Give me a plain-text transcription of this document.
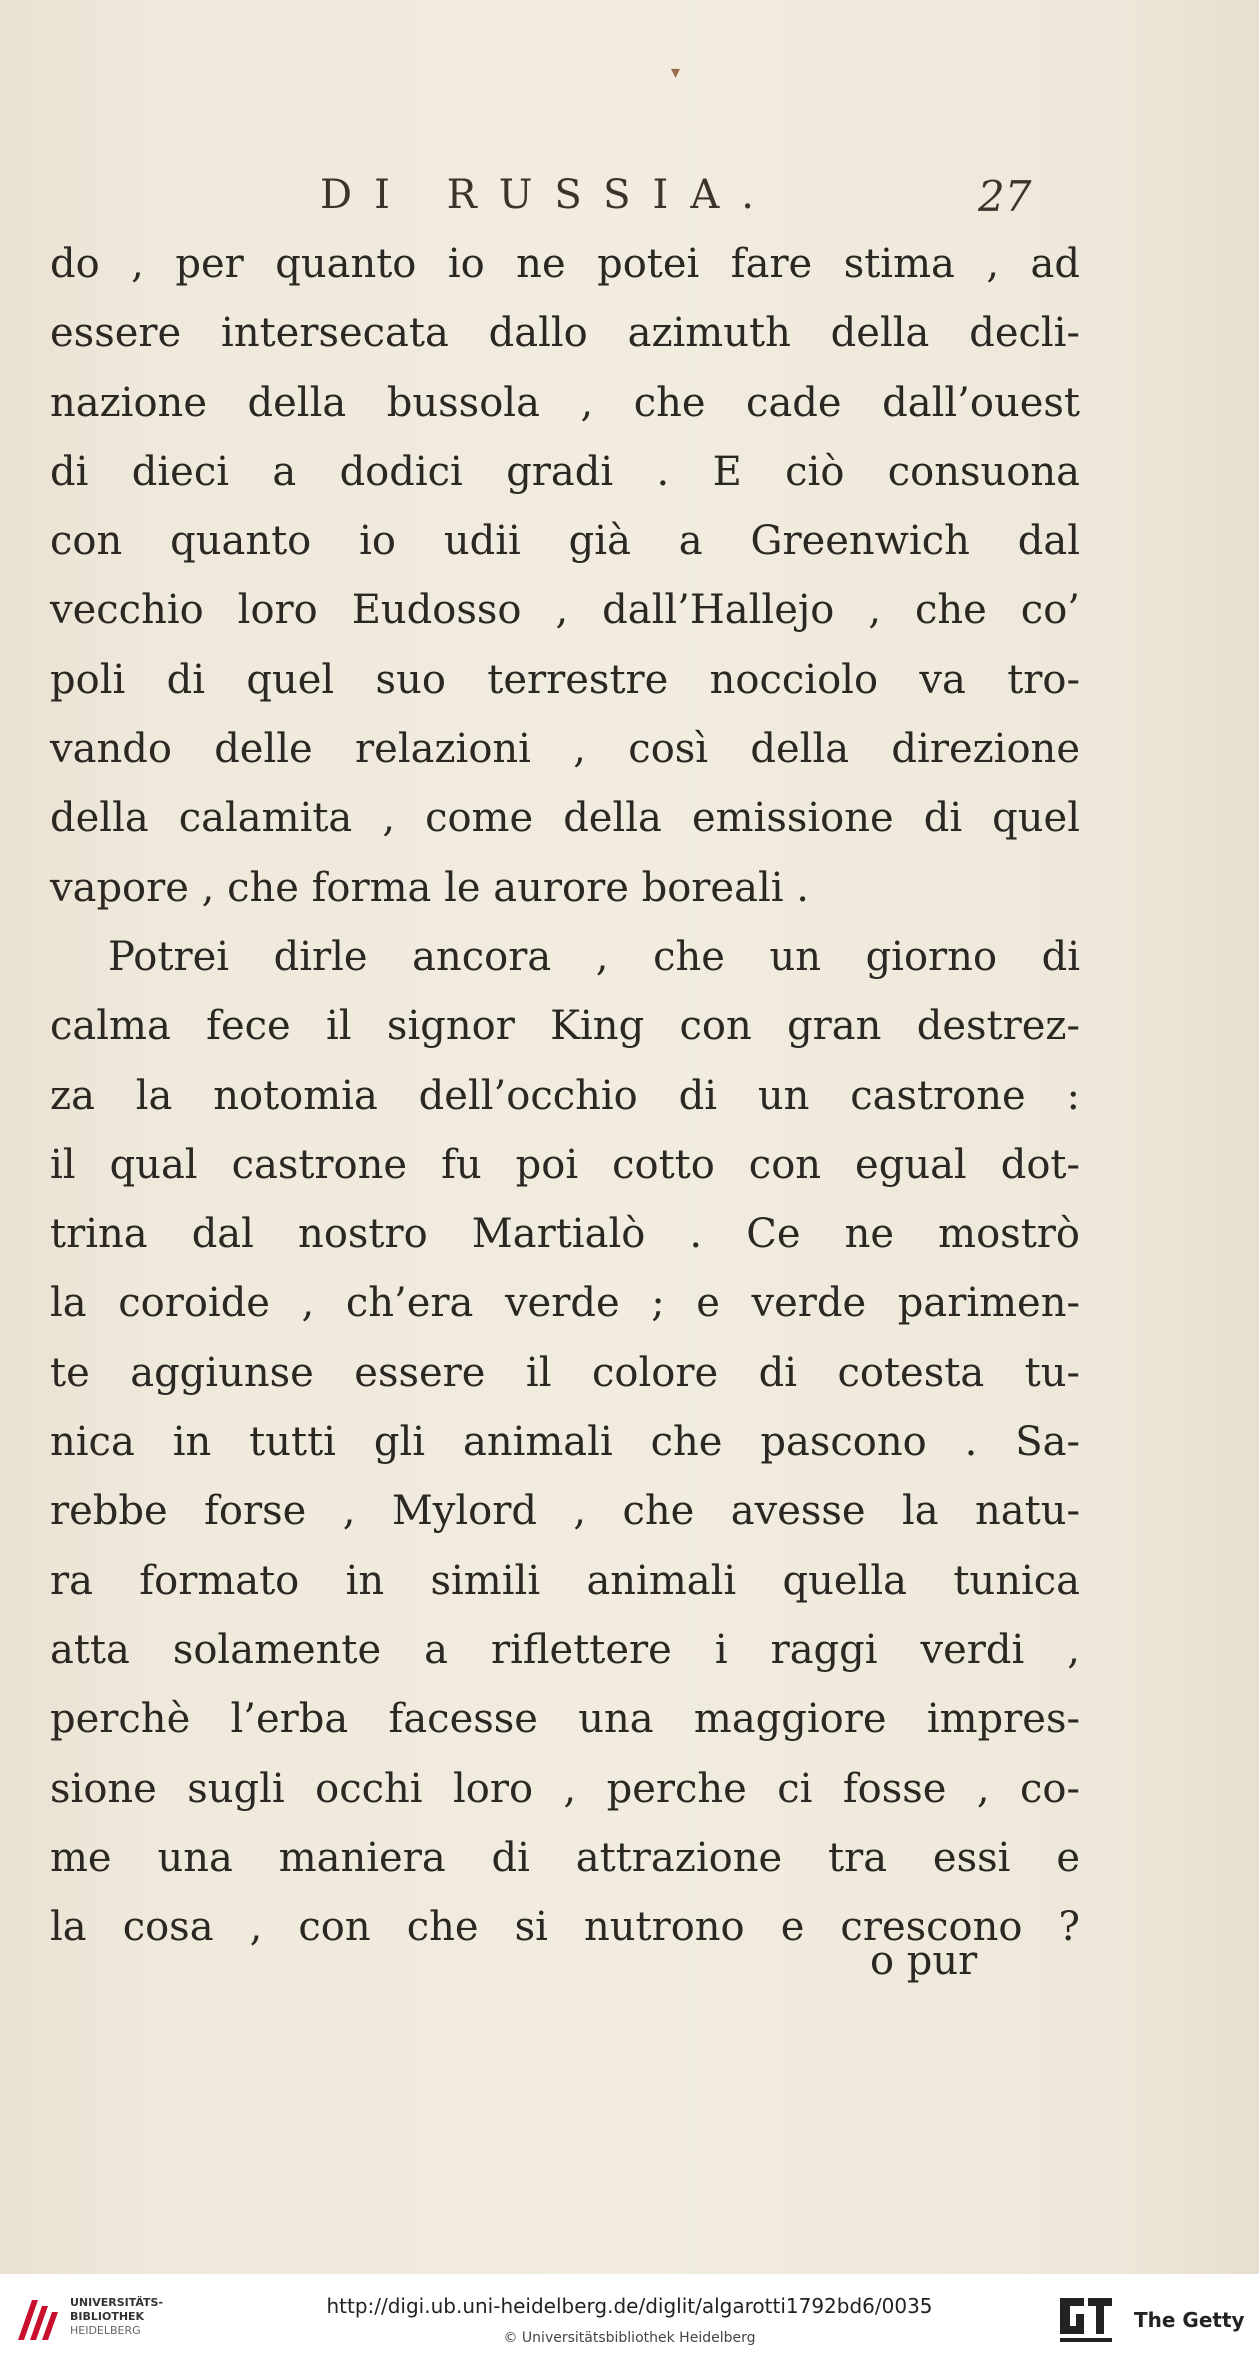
▾
DI RUSSIA.	27
do , per quanto io ne potei fare stima , ad
essere intersecata dallo azimuth della decli-
nazione della bussola , che cade dall’ouest
di dieci a dodici gradi . E ciò consuona
con quanto io udii già a Greenwich dal
vecchio loro Eudosso , dall’Hallejo , che co’
poli di quel suo terrestre nocciolo va tro-
vando delle relazioni , così della direzione
della calamita , come della emissione di quel
vapore , che forma le aurore boreali .
Potrei dirle ancora , che un giorno di
calma fece il signor King con gran destrez-
za la notomia dell’occhio di un castrone :
il qual castrone fu poi cotto con egual dot-
trina dal nostro Martialò . Ce ne mostrò
la coroide , ch’era verde ; e verde parimen-
te aggiunse essere il colore di cotesta tu-
nica in tutti gli animali che pascono . Sa-
rebbe forse , Mylord , che avesse la natu-
ra formato in simili animali quella tunica
atta solamente a riflettere i raggi verdi ,
perchè l’erba facesse una maggiore impres-
sione sugli occhi loro , perche ci fosse , co-
me una maniera di attrazione tra essi e
la cosa , con che si nutrono e crescono ?
o pur
UNIVERSITÄTS-
BIBLIOTHEK
HEIDELBERG
http://digi.ub.uni-heidelberg.de/diglit/algarotti1792bd6/0035
© Universitätsbibliothek Heidelberg
The Getty
